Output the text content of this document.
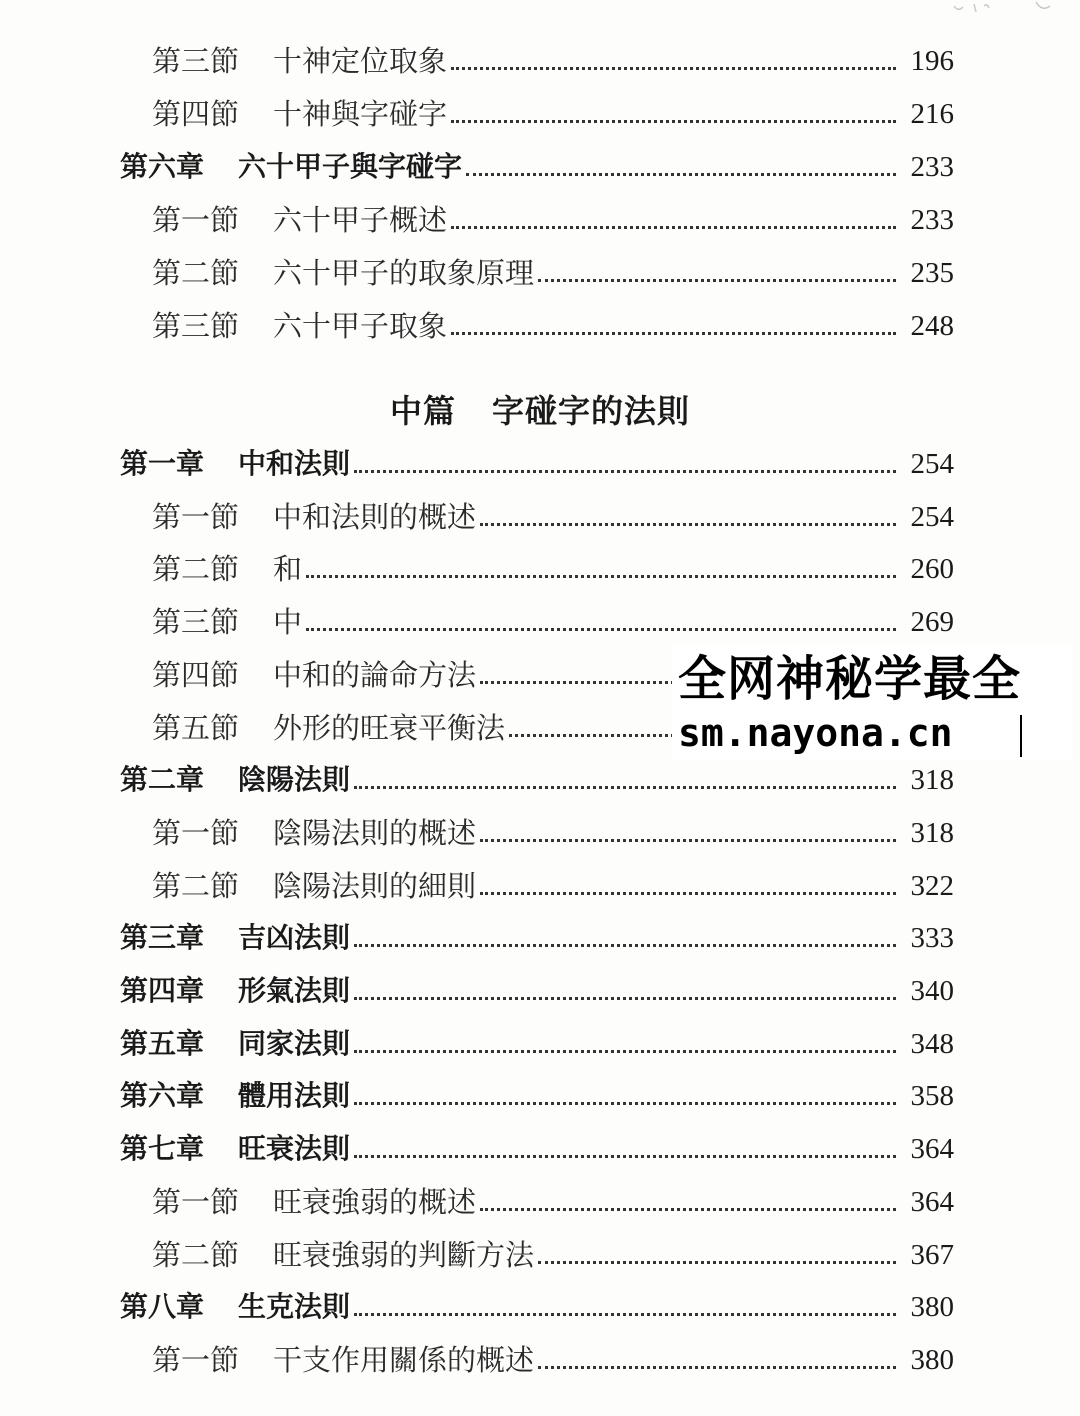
第三節 十神定位取象	196
第四節 十神與字碰字	216
第六章 六十甲子與字碰字	233
第一節 六十甲子概述	233
第二節 六十甲子的取象原理	235
第三節 六十甲子取象	248
中篇 字碰字的法則
第一章 中和法則	254
第一節 中和法則的概述	254
第二節 和	260
第三節 中	269
第四節 中和的論命方法
第五節 外形的旺衰平衡法
第二章 陰陽法則	318
第一節 陰陽法則的概述	318
第二節 陰陽法則的細則	322
第三章 吉凶法則	333
第四章 形氣法則	340
第五章 同家法則	348
第六章 體用法則	358
第七章 旺衰法則	364
第一節 旺衰強弱的概述	364
第二節 旺衰強弱的判斷方法	367
第八章 生克法則	380
第一節 干支作用關係的概述	380
全网神秘学最全
sm.nayona.cn
